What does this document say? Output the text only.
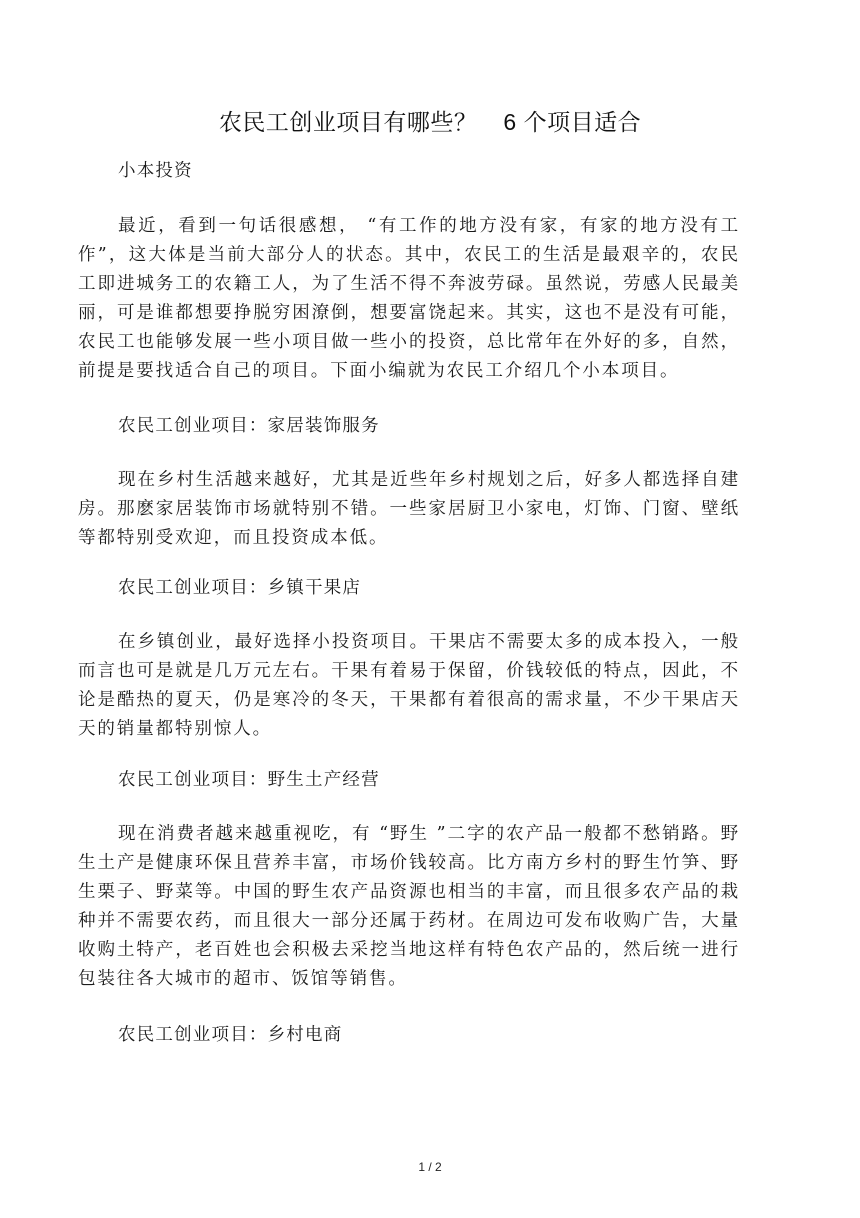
农民工创业项目有哪些？ 6 个项目适合
小本投资

最近，看到一句话很感想， “有工作的地方没有家，有家的地方没有工作”，这大体是当前大部分人的状态。其中，农民工的生活是最艰辛的，农民工即进城务工的农籍工人，为了生活不得不奔波劳碌。虽然说，劳感人民最美丽，可是谁都想要挣脱穷困潦倒，想要富饶起来。其实，这也不是没有可能，农民工也能够发展一些小项目做一些小的投资，总比常年在外好的多，自然，前提是要找适合自己的项目。下面小编就为农民工介绍几个小本项目。

农民工创业项目：家居装饰服务

现在乡村生活越来越好，尤其是近些年乡村规划之后，好多人都选择自建房。那麽家居装饰市场就特别不错。一些家居厨卫小家电，灯饰、门窗、壁纸等都特别受欢迎，而且投资成本低。

农民工创业项目：乡镇干果店

在乡镇创业，最好选择小投资项目。干果店不需要太多的成本投入，一般而言也可是就是几万元左右。干果有着易于保留，价钱较低的特点，因此，不论是酷热的夏天，仍是寒冷的冬天，干果都有着很高的需求量，不少干果店天天的销量都特别惊人。

农民工创业项目：野生土产经营

现在消费者越来越重视吃，有 “野生 ”二字的农产品一般都不愁销路。野生土产是健康环保且营养丰富，市场价钱较高。比方南方乡村的野生竹笋、野生栗子、野菜等。中国的野生农产品资源也相当的丰富，而且很多农产品的栽种并不需要农药，而且很大一部分还属于药材。在周边可发布收购广告，大量收购土特产，老百姓也会积极去采挖当地这样有特色农产品的，然后统一进行包装往各大城市的超市、饭馆等销售。

农民工创业项目：乡村电商
1 / 2
